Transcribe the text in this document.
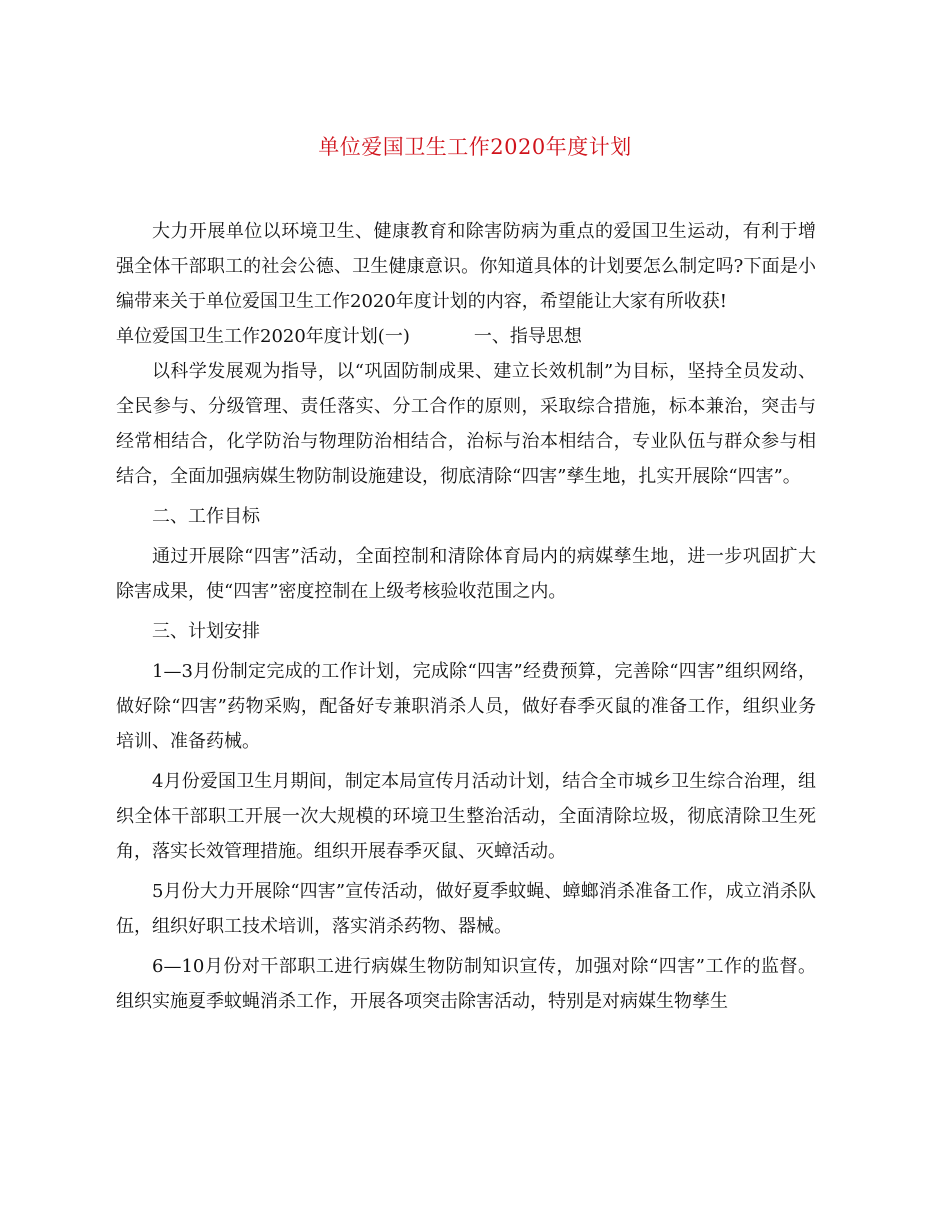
单位爱国卫生工作2020年度计划

大力开展单位以环境卫生、健康教育和除害防病为重点的爱国卫生运动，有利于增强全体干部职工的社会公德、卫生健康意识。你知道具体的计划要怎么制定吗?下面是小编带来关于单位爱国卫生工作2020年度计划的内容，希望能让大家有所收获!

单位爱国卫生工作2020年度计划(一)	一、指导思想

以科学发展观为指导，以“巩固防制成果、建立长效机制”为目标，坚持全员发动、全民参与、分级管理、责任落实、分工合作的原则，采取综合措施，标本兼治，突击与经常相结合，化学防治与物理防治相结合，治标与治本相结合，专业队伍与群众参与相结合，全面加强病媒生物防制设施建设，彻底清除“四害”孳生地，扎实开展除“四害”。

二、工作目标

通过开展除“四害”活动，全面控制和清除体育局内的病媒孳生地，进一步巩固扩大除害成果，使“四害”密度控制在上级考核验收范围之内。

三、计划安排

1—3月份制定完成的工作计划，完成除“四害”经费预算，完善除“四害”组织网络，做好除“四害”药物采购，配备好专兼职消杀人员，做好春季灭鼠的准备工作，组织业务培训、准备药械。

4月份爱国卫生月期间，制定本局宣传月活动计划，结合全市城乡卫生综合治理，组织全体干部职工开展一次大规模的环境卫生整治活动，全面清除垃圾，彻底清除卫生死角，落实长效管理措施。组织开展春季灭鼠、灭蟑活动。

5月份大力开展除“四害”宣传活动，做好夏季蚊蝇、蟑螂消杀准备工作，成立消杀队伍，组织好职工技术培训，落实消杀药物、器械。

6—10月份对干部职工进行病媒生物防制知识宣传，加强对除“四害”工作的监督。组织实施夏季蚊蝇消杀工作，开展各项突击除害活动，特别是对病媒生物孳生
